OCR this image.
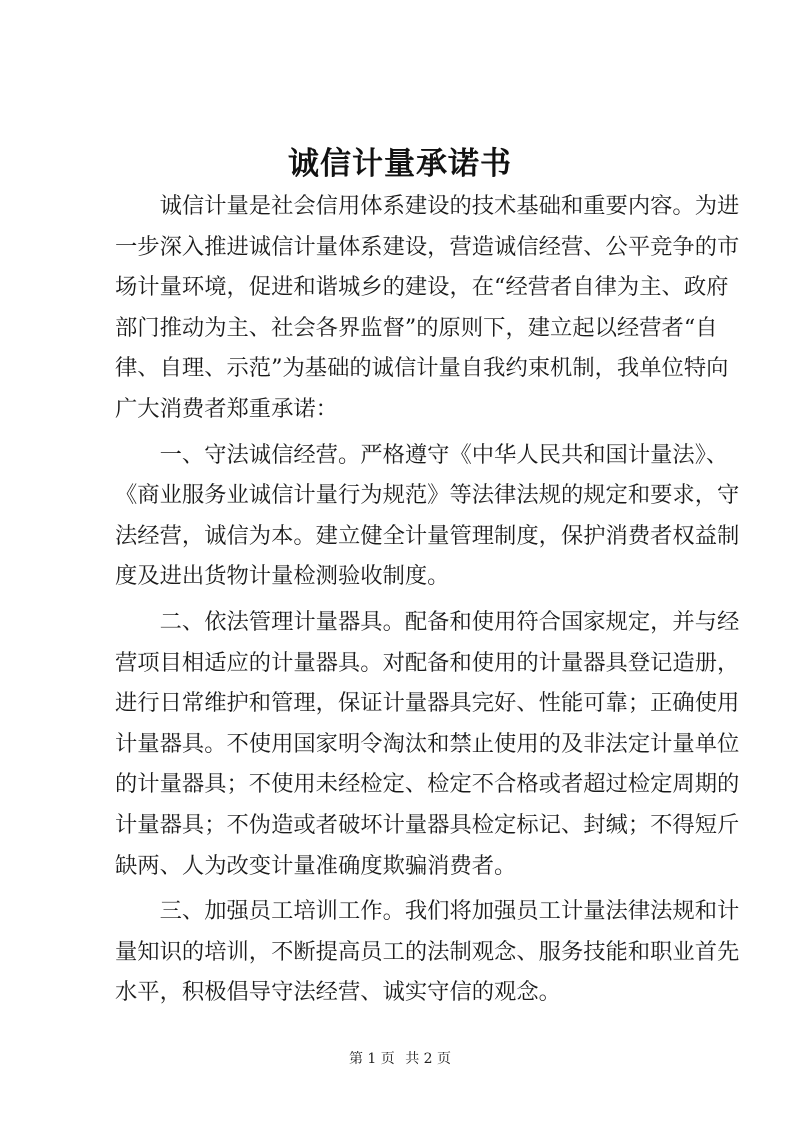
诚信计量承诺书

　　诚信计量是社会信用体系建设的技术基础和重要内容。为进
一步深入推进诚信计量体系建设，营造诚信经营、公平竞争的市
场计量环境，促进和谐城乡的建设，在“经营者自律为主、政府
部门推动为主、社会各界监督”的原则下，建立起以经营者“自
律、自理、示范”为基础的诚信计量自我约束机制，我单位特向
广大消费者郑重承诺：

　　一、守法诚信经营。严格遵守《中华人民共和国计量法》、
《商业服务业诚信计量行为规范》等法律法规的规定和要求，守
法经营，诚信为本。建立健全计量管理制度，保护消费者权益制
度及进出货物计量检测验收制度。

　　二、依法管理计量器具。配备和使用符合国家规定，并与经
营项目相适应的计量器具。对配备和使用的计量器具登记造册，
进行日常维护和管理，保证计量器具完好、性能可靠；正确使用
计量器具。不使用国家明令淘汰和禁止使用的及非法定计量单位
的计量器具；不使用未经检定、检定不合格或者超过检定周期的
计量器具；不伪造或者破坏计量器具检定标记、封缄；不得短斤
缺两、人为改变计量准确度欺骗消费者。

　　三、加强员工培训工作。我们将加强员工计量法律法规和计
量知识的培训，不断提高员工的法制观念、服务技能和职业首先
水平，积极倡导守法经营、诚实守信的观念。

第 1 页 共 2 页
